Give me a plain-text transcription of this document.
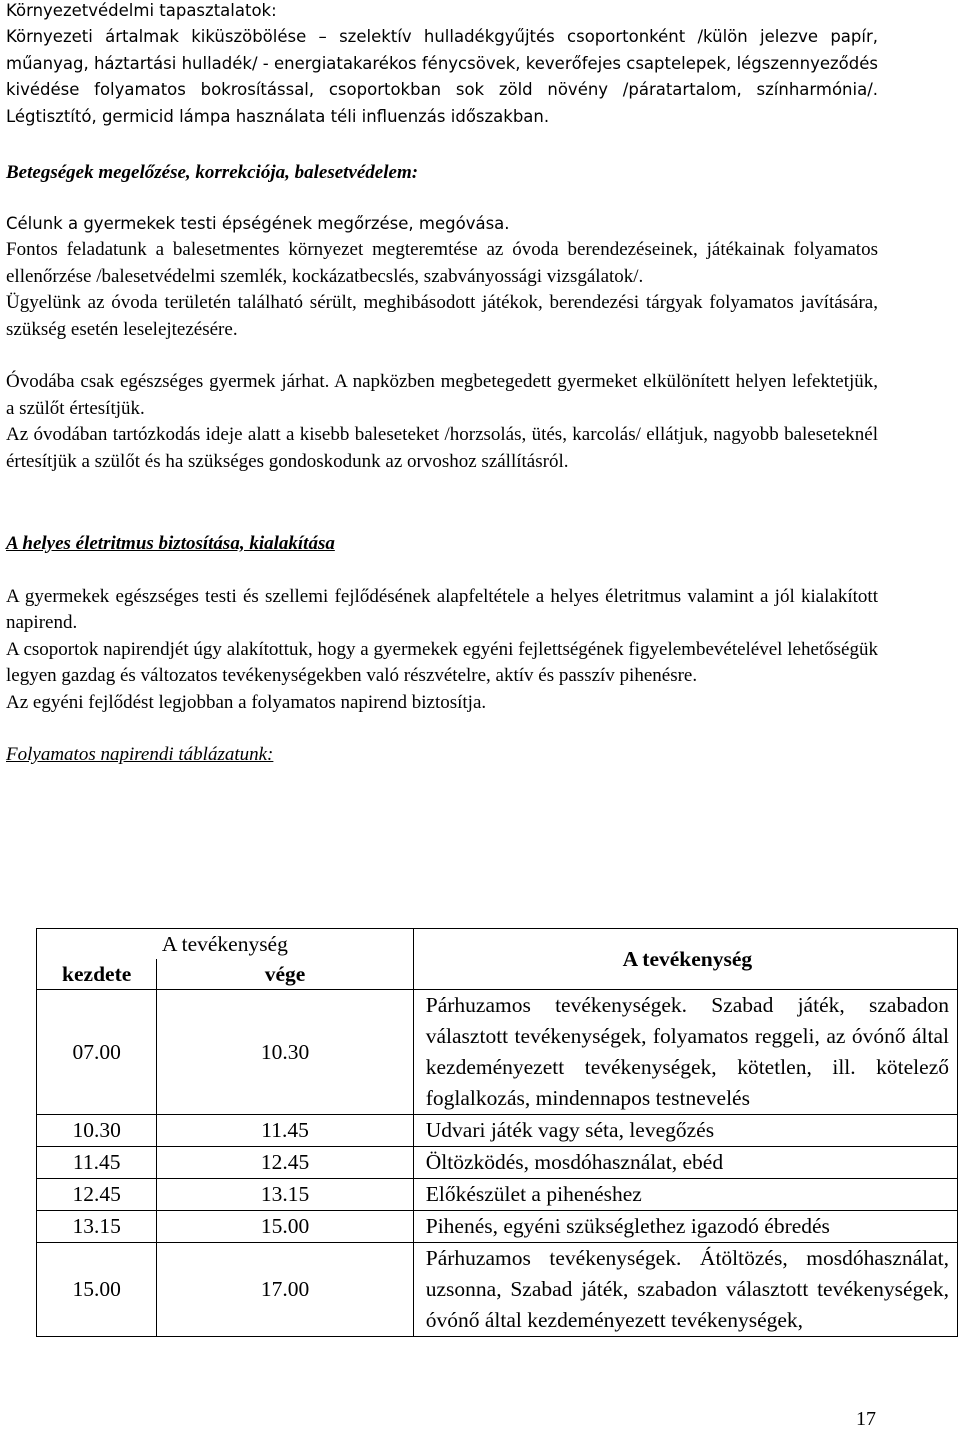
Környezetvédelmi tapasztalatok:

Környezeti ártalmak kiküszöbölése – szelektív hulladékgyűjtés csoportonként /külön jelezve papír, műanyag, háztartási hulladék/ - energiatakarékos fénycsövek, keverőfejes csaptelepek, légszennyeződés kivédése folyamatos bokrosítással, csoportokban sok zöld növény /páratartalom, színharmónia/. Légtisztító, germicid lámpa használata téli influenzás időszakban.

Betegségek megelőzése, korrekciója, balesetvédelem:

Célunk a gyermekek testi épségének megőrzése, megóvása.

Fontos feladatunk a balesetmentes környezet megteremtése az óvoda berendezéseinek, játékainak folyamatos ellenőrzése /balesetvédelmi szemlék, kockázatbecslés, szabványossági vizsgálatok/.

Ügyelünk az óvoda területén található sérült, meghibásodott játékok, berendezési tárgyak folyamatos javítására, szükség esetén leselejtezésére.

Óvodába csak egészséges gyermek járhat. A napközben megbetegedett gyermeket elkülönített helyen lefektetjük, a szülőt értesítjük.

Az óvodában tartózkodás ideje alatt a kisebb baleseteket /horzsolás, ütés, karcolás/ ellátjuk, nagyobb baleseteknél értesítjük a szülőt és ha szükséges gondoskodunk az orvoshoz szállításról.

A helyes életritmus biztosítása, kialakítása

A gyermekek egészséges testi és szellemi fejlődésének alapfeltétele a helyes életritmus valamint a jól kialakított napirend.

A csoportok napirendjét úgy alakítottuk, hogy a gyermekek egyéni fejlettségének figyelembevételével lehetőségük legyen gazdag és változatos tevékenységekben való részvételre, aktív és passzív pihenésre.

Az egyéni fejlődést legjobban a folyamatos napirend biztosítja.

Folyamatos napirendi táblázatunk:

A tevékenység		A tevékenység
kezdete	vége	
07.00	10.30	Párhuzamos tevékenységek. Szabad játék, szabadon választott tevékenységek, folyamatos reggeli, az óvónő által kezdeményezett tevékenységek, kötetlen, ill. kötelező foglalkozás, mindennapos testnevelés
10.30	11.45	Udvari játék vagy séta, levegőzés
11.45	12.45	Öltözködés, mosdóhasználat, ebéd
12.45	13.15	Előkészület a pihenéshez
13.15	15.00	Pihenés, egyéni szükséglethez igazodó ébredés
15.00	17.00	Párhuzamos tevékenységek. Átöltözés, mosdóhasználat, uzsonna, Szabad játék, szabadon választott tevékenységek, óvónő által kezdeményezett tevékenységek,
17
